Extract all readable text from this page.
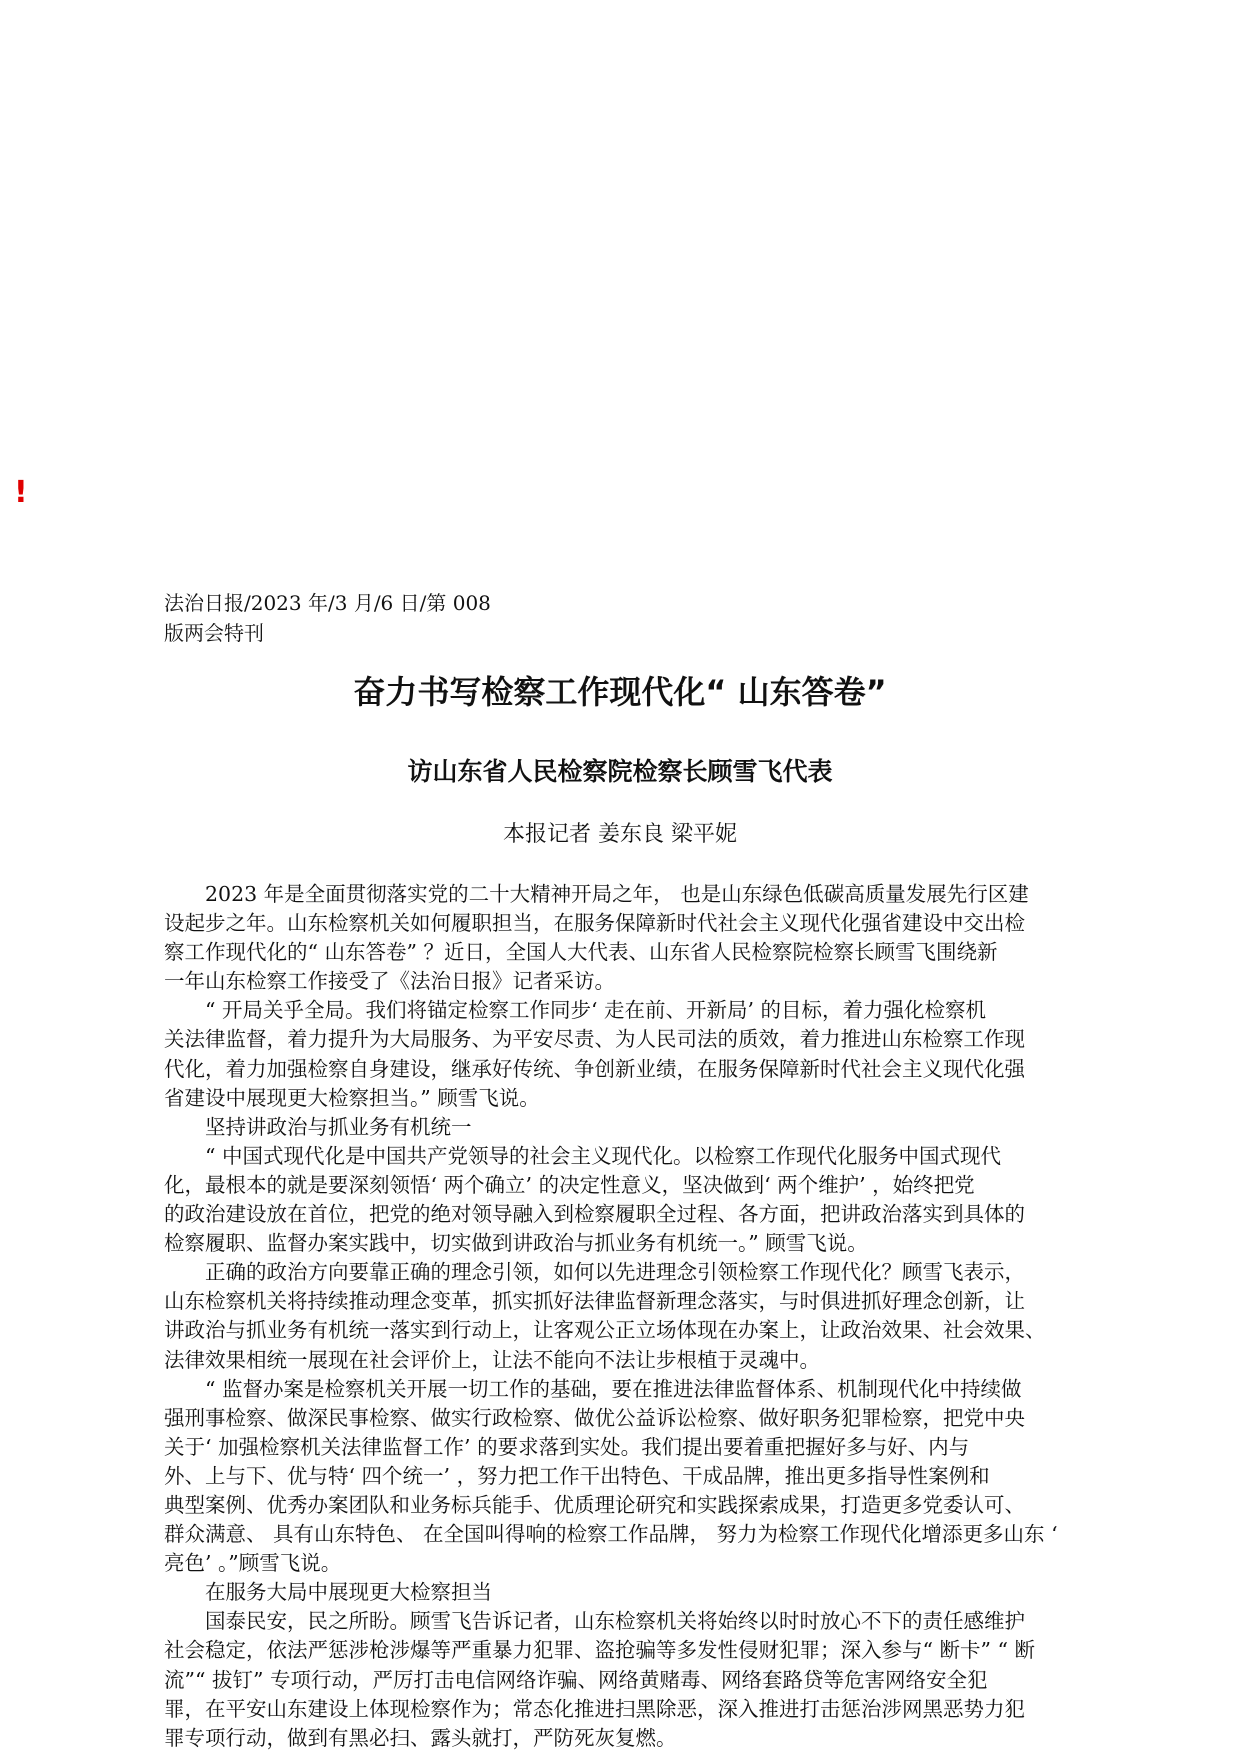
!
法治日报/2023 年/3 月/6 日/第 008
版两会特刊
奋力书写检察工作现代化“ 山东答卷”
访山东省人民检察院检察长顾雪飞代表
本报记者 姜东良 梁平妮
　　2023 年是全面贯彻落实党的二十大精神开局之年， 也是山东绿色低碳高质量发展先行区建
设起步之年。山东检察机关如何履职担当，在服务保障新时代社会主义现代化强省建设中交出检
察工作现代化的“ 山东答卷” ？近日，全国人大代表、山东省人民检察院检察长顾雪飞围绕新
一年山东检察工作接受了《法治日报》记者采访。
　　“ 开局关乎全局。我们将锚定检察工作同步‘ 走在前、开新局’ 的目标，着力强化检察机
关法律监督，着力提升为大局服务、为平安尽责、为人民司法的质效，着力推进山东检察工作现
代化，着力加强检察自身建设，继承好传统、争创新业绩，在服务保障新时代社会主义现代化强
省建设中展现更大检察担当。” 顾雪飞说。
　　坚持讲政治与抓业务有机统一
　　“ 中国式现代化是中国共产党领导的社会主义现代化。以检察工作现代化服务中国式现代
化，最根本的就是要深刻领悟‘ 两个确立’ 的决定性意义，坚决做到‘ 两个维护’ ，始终把党
的政治建设放在首位，把党的绝对领导融入到检察履职全过程、各方面，把讲政治落实到具体的
检察履职、监督办案实践中，切实做到讲政治与抓业务有机统一。” 顾雪飞说。
　　正确的政治方向要靠正确的理念引领，如何以先进理念引领检察工作现代化？顾雪飞表示，
山东检察机关将持续推动理念变革，抓实抓好法律监督新理念落实，与时俱进抓好理念创新，让
讲政治与抓业务有机统一落实到行动上，让客观公正立场体现在办案上，让政治效果、社会效果、
法律效果相统一展现在社会评价上，让法不能向不法让步根植于灵魂中。
　　“ 监督办案是检察机关开展一切工作的基础，要在推进法律监督体系、机制现代化中持续做
强刑事检察、做深民事检察、做实行政检察、做优公益诉讼检察、做好职务犯罪检察，把党中央
关于‘ 加强检察机关法律监督工作’ 的要求落到实处。我们提出要着重把握好多与好、内与
外、上与下、优与特‘ 四个统一’ ，努力把工作干出特色、干成品牌，推出更多指导性案例和
典型案例、优秀办案团队和业务标兵能手、优质理论研究和实践探索成果，打造更多党委认可、
群众满意、 具有山东特色、 在全国叫得响的检察工作品牌， 努力为检察工作现代化增添更多山东 ‘
亮色’ 。”顾雪飞说。
　　在服务大局中展现更大检察担当
　　国泰民安，民之所盼。顾雪飞告诉记者，山东检察机关将始终以时时放心不下的责任感维护
社会稳定，依法严惩涉枪涉爆等严重暴力犯罪、盗抢骗等多发性侵财犯罪；深入参与“ 断卡” “ 断
流”“ 拔钉” 专项行动，严厉打击电信网络诈骗、网络黄赌毒、网络套路贷等危害网络安全犯
罪，在平安山东建设上体现检察作为；常态化推进扫黑除恶，深入推进打击惩治涉网黑恶势力犯
罪专项行动，做到有黑必扫、露头就打，严防死灰复燃。
